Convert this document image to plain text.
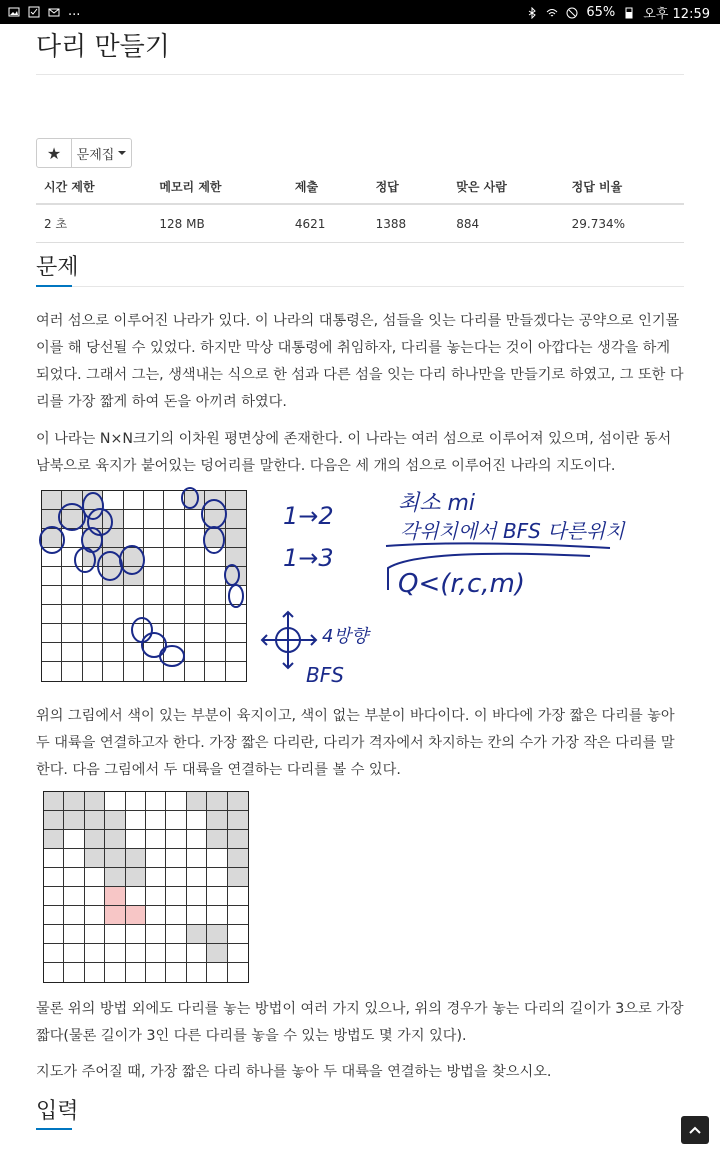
...	65% 오후 12:59
다리 만들기
★ 문제집
시간 제한	메모리 제한	제출	정답	맞은 사람	정답 비율
2 초	128 MB	4621	1388	884	29.734%
문제

여러 섬으로 이루어진 나라가 있다. 이 나라의 대통령은, 섬들을 잇는 다리를 만들겠다는 공약으로 인기몰이를 해 당선될 수 있었다. 하지만 막상 대통령에 취임하자, 다리를 놓는다는 것이 아깝다는 생각을 하게 되었다. 그래서 그는, 생색내는 식으로 한 섬과 다른 섬을 잇는 다리 하나만을 만들기로 하였고, 그 또한 다리를 가장 짧게 하여 돈을 아끼려 하였다.

이 나라는 N×N크기의 이차원 평면상에 존재한다. 이 나라는 여러 섬으로 이루어져 있으며, 섬이란 동서남북으로 육지가 붙어있는 덩어리를 말한다. 다음은 세 개의 섬으로 이루어진 나라의 지도이다.

1→2
1→3
최소 mi
각위치에서 BFS 다른위치
Q<(r,c,m)
4방향
BFS

위의 그림에서 색이 있는 부분이 육지이고, 색이 없는 부분이 바다이다. 이 바다에 가장 짧은 다리를 놓아 두 대륙을 연결하고자 한다. 가장 짧은 다리란, 다리가 격자에서 차지하는 칸의 수가 가장 작은 다리를 말한다. 다음 그림에서 두 대륙을 연결하는 다리를 볼 수 있다.

물론 위의 방법 외에도 다리를 놓는 방법이 여러 가지 있으나, 위의 경우가 놓는 다리의 길이가 3으로 가장 짧다(물론 길이가 3인 다른 다리를 놓을 수 있는 방법도 몇 가지 있다).

지도가 주어질 때, 가장 짧은 다리 하나를 놓아 두 대륙을 연결하는 방법을 찾으시오.

입력
